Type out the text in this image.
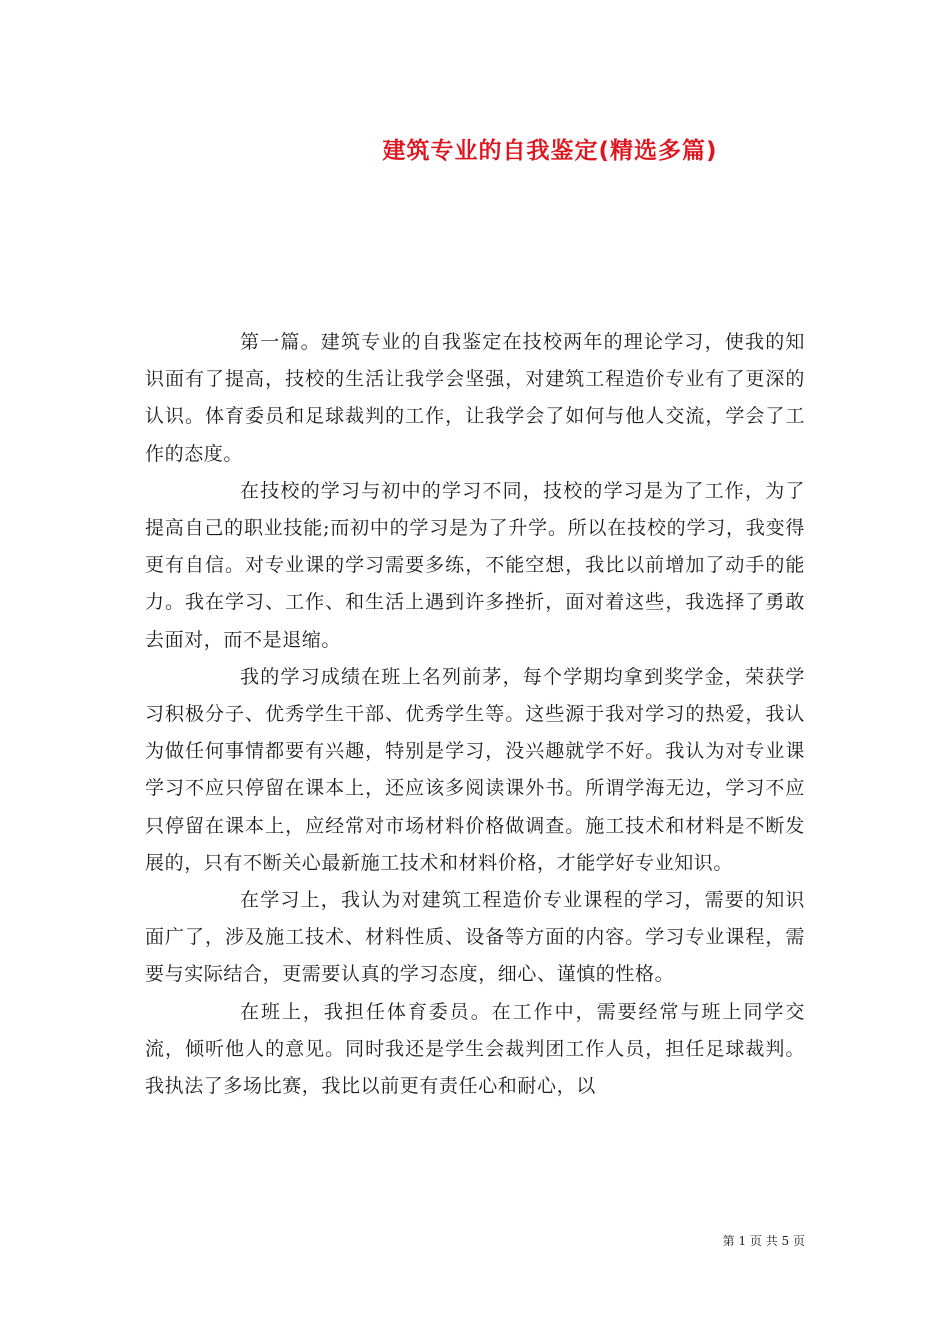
建筑专业的自我鉴定(精选多篇)

第一篇。建筑专业的自我鉴定在技校两年的理论学习，使我的知识面有了提高，技校的生活让我学会坚强，对建筑工程造价专业有了更深的认识。体育委员和足球裁判的工作，让我学会了如何与他人交流，学会了工作的态度。

在技校的学习与初中的学习不同，技校的学习是为了工作，为了提高自己的职业技能;而初中的学习是为了升学。所以在技校的学习，我变得更有自信。对专业课的学习需要多练，不能空想，我比以前增加了动手的能力。我在学习、工作、和生活上遇到许多挫折，面对着这些，我选择了勇敢去面对，而不是退缩。

我的学习成绩在班上名列前茅，每个学期均拿到奖学金，荣获学习积极分子、优秀学生干部、优秀学生等。这些源于我对学习的热爱，我认为做任何事情都要有兴趣，特别是学习，没兴趣就学不好。我认为对专业课学习不应只停留在课本上，还应该多阅读课外书。所谓学海无边，学习不应只停留在课本上，应经常对市场材料价格做调查。施工技术和材料是不断发展的，只有不断关心最新施工技术和材料价格，才能学好专业知识。

在学习上，我认为对建筑工程造价专业课程的学习，需要的知识面广了，涉及施工技术、材料性质、设备等方面的内容。学习专业课程，需要与实际结合，更需要认真的学习态度，细心、谨慎的性格。

在班上，我担任体育委员。在工作中，需要经常与班上同学交流，倾听他人的意见。同时我还是学生会裁判团工作人员，担任足球裁判。我执法了多场比赛，我比以前更有责任心和耐心，以

第 1 页 共 5 页
